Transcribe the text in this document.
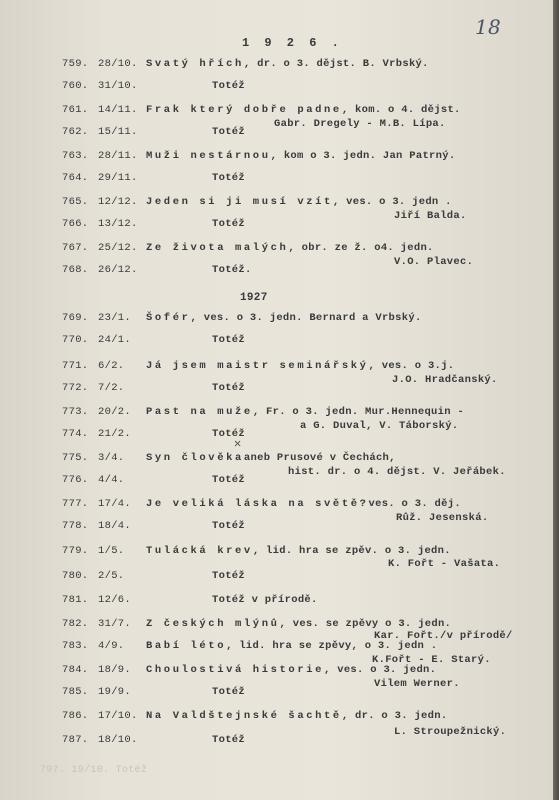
18
1 9 2 6 .
1927
✕
797. 19/10. Totéž
759. 28/10. Svatý hřích , dr. o 3. dějst. B. Vrbský.
760. 31/10.	Totéž
761. 14/11. Frak který dobře padne , kom. o 4. dějst.
Gabr. Dregely - M.B. Lípa.
762. 15/11.	Totéž
763. 28/11. Muži nestárnou , kom o 3. jedn. Jan Patrný.
764. 29/11.	Totéž
765. 12/12. Jeden si ji musí vzít , ves. o 3. jedn .
Jiří Balda.
766. 13/12.	Totéž
767. 25/12. Ze života malých , obr. ze ž. o4. jedn.
V.O. Plavec.
768. 26/12.	Totéž.
769. 23/1. Šofér , ves. o 3. jedn. Bernard a Vrbský.
770. 24/1.	Totéž
771. 6/2. Já jsem maistr seminářský , ves. o 3.j.
J.O. Hradčanský.
772. 7/2.	Totéž
773. 20/2. Past na muže , Fr. o 3. jedn. Mur.Hennequin -
a G. Duval, V. Táborský.
774. 21/2.	Totéž
775. 3/4. Syn člověka aneb Prusové v Čechách,
hist. dr. o 4. dějst. V. Jeřábek.
776. 4/4.	Totéž
777. 17/4. Je veliká láska na světě? ves. o 3. děj.
Růž. Jesenská.
778. 18/4.	Totéž
779. 1/5. Tulácká krev , lid. hra se zpěv. o 3. jedn.
K. Fořt - Vašata.
780. 2/5.	Totéž
781. 12/6.	Totéž v přírodě.
782. 31/7. Z českých mlýnů , ves. se zpěvy o 3. jedn.
Kar. Fořt./v přírodě/
783. 4/9. Babí léto , lid. hra se zpěvy, o 3. jedn .
K.Fořt - E. Starý.
784. 18/9. Choulostivá historie , ves. o 3. jedn.
Vilem Werner.
785. 19/9.	Totéž
786. 17/10. Na Valdštejnské šachtě , dr. o 3. jedn.
L. Stroupežnický.
787. 18/10.	Totéž
